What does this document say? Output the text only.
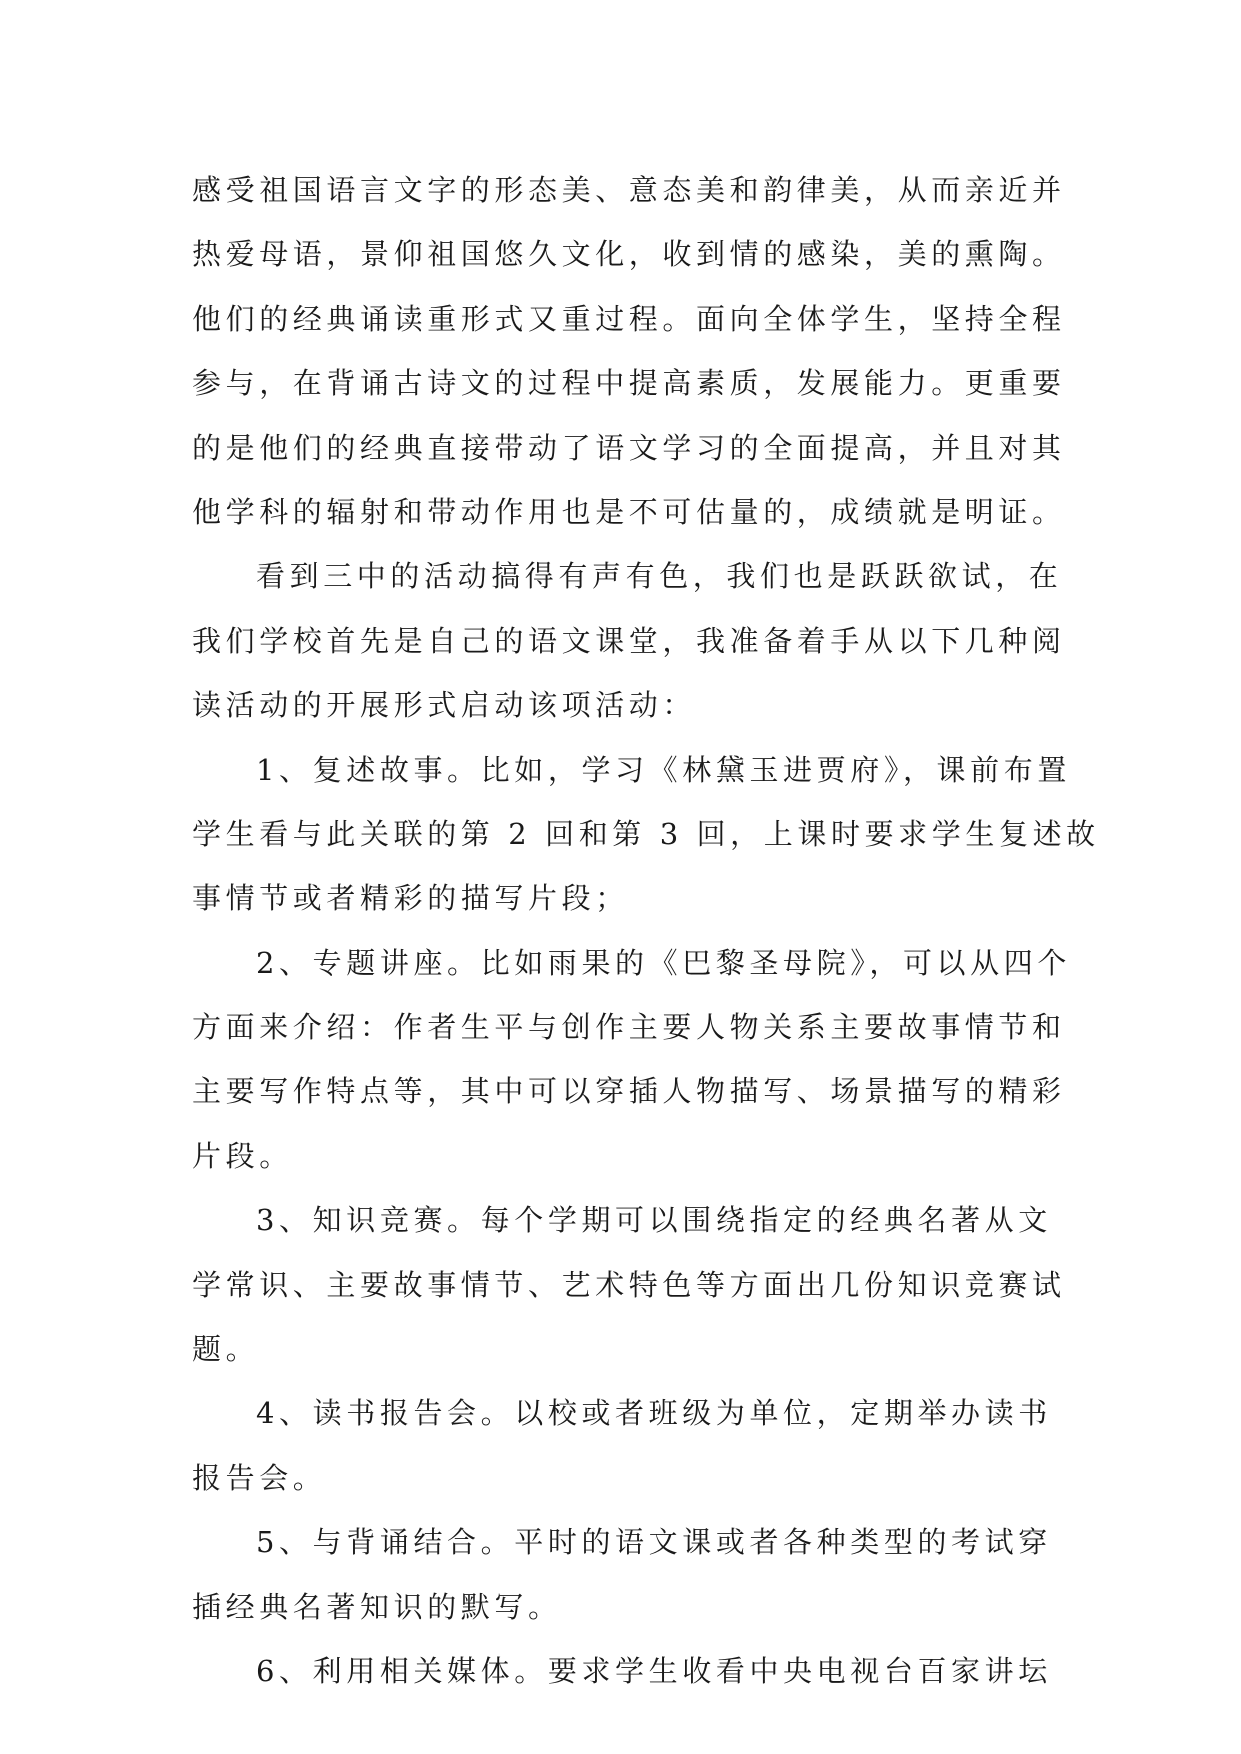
感受祖国语言文字的形态美、意态美和韵律美，从而亲近并
热爱母语，景仰祖国悠久文化，收到情的感染，美的熏陶。
他们的经典诵读重形式又重过程。面向全体学生，坚持全程
参与，在背诵古诗文的过程中提高素质，发展能力。更重要
的是他们的经典直接带动了语文学习的全面提高，并且对其
他学科的辐射和带动作用也是不可估量的，成绩就是明证。
看到三中的活动搞得有声有色，我们也是跃跃欲试，在
我们学校首先是自己的语文课堂，我准备着手从以下几种阅
读活动的开展形式启动该项活动：
1、复述故事。比如，学习《林黛玉进贾府》，课前布置
学生看与此关联的第 2 回和第 3 回，上课时要求学生复述故
事情节或者精彩的描写片段；
2、专题讲座。比如雨果的《巴黎圣母院》，可以从四个
方面来介绍：作者生平与创作主要人物关系主要故事情节和
主要写作特点等，其中可以穿插人物描写、场景描写的精彩
片段。
3、知识竞赛。每个学期可以围绕指定的经典名著从文
学常识、主要故事情节、艺术特色等方面出几份知识竞赛试
题。
4、读书报告会。以校或者班级为单位，定期举办读书
报告会。
5、与背诵结合。平时的语文课或者各种类型的考试穿
插经典名著知识的默写。
6、利用相关媒体。要求学生收看中央电视台百家讲坛
